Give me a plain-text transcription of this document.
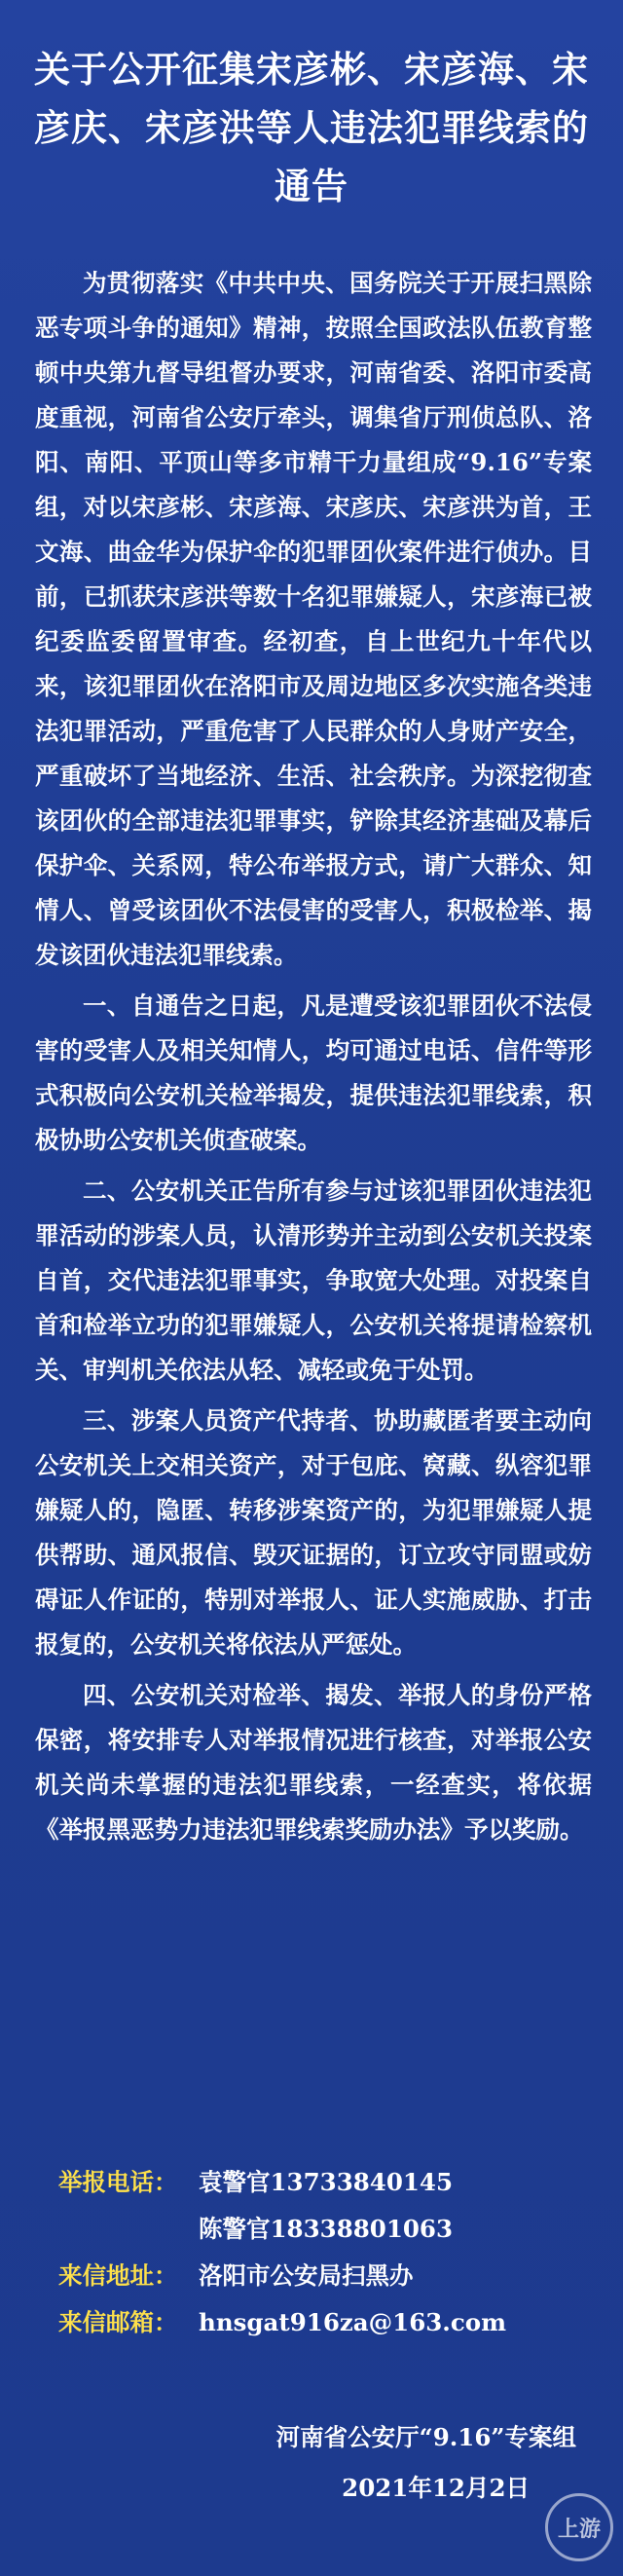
关于公开征集宋彦彬、宋彦海、宋彦庆、宋彦洪等人违法犯罪线索的通告

为贯彻落实《中共中央、国务院关于开展扫黑除恶专项斗争的通知》精神，按照全国政法队伍教育整顿中央第九督导组督办要求，河南省委、洛阳市委高度重视，河南省公安厅牵头，调集省厅刑侦总队、洛阳、南阳、平顶山等多市精干力量组成“9.16”专案组，对以宋彦彬、宋彦海、宋彦庆、宋彦洪为首，王文海、曲金华为保护伞的犯罪团伙案件进行侦办。目前，已抓获宋彦洪等数十名犯罪嫌疑人，宋彦海已被纪委监委留置审查。经初查，自上世纪九十年代以来，该犯罪团伙在洛阳市及周边地区多次实施各类违法犯罪活动，严重危害了人民群众的人身财产安全，严重破坏了当地经济、生活、社会秩序。为深挖彻查该团伙的全部违法犯罪事实，铲除其经济基础及幕后保护伞、关系网，特公布举报方式，请广大群众、知情人、曾受该团伙不法侵害的受害人，积极检举、揭发该团伙违法犯罪线索。

一、自通告之日起，凡是遭受该犯罪团伙不法侵害的受害人及相关知情人，均可通过电话、信件等形式积极向公安机关检举揭发，提供违法犯罪线索，积极协助公安机关侦查破案。

二、公安机关正告所有参与过该犯罪团伙违法犯罪活动的涉案人员，认清形势并主动到公安机关投案自首，交代违法犯罪事实，争取宽大处理。对投案自首和检举立功的犯罪嫌疑人，公安机关将提请检察机关、审判机关依法从轻、减轻或免于处罚。

三、涉案人员资产代持者、协助藏匿者要主动向公安机关上交相关资产，对于包庇、窝藏、纵容犯罪嫌疑人的，隐匿、转移涉案资产的，为犯罪嫌疑人提供帮助、通风报信、毁灭证据的，订立攻守同盟或妨碍证人作证的，特别对举报人、证人实施威胁、打击报复的，公安机关将依法从严惩处。

四、公安机关对检举、揭发、举报人的身份严格保密，将安排专人对举报情况进行核查，对举报公安机关尚未掌握的违法犯罪线索，一经查实，将依据《举报黑恶势力违法犯罪线索奖励办法》予以奖励。

举报电话： 袁警官13733840145
陈警官18338801063
来信地址： 洛阳市公安局扫黑办
来信邮箱： hnsgat916za@163.com
河南省公安厅“9.16”专案组
2021年12月2日
上游
